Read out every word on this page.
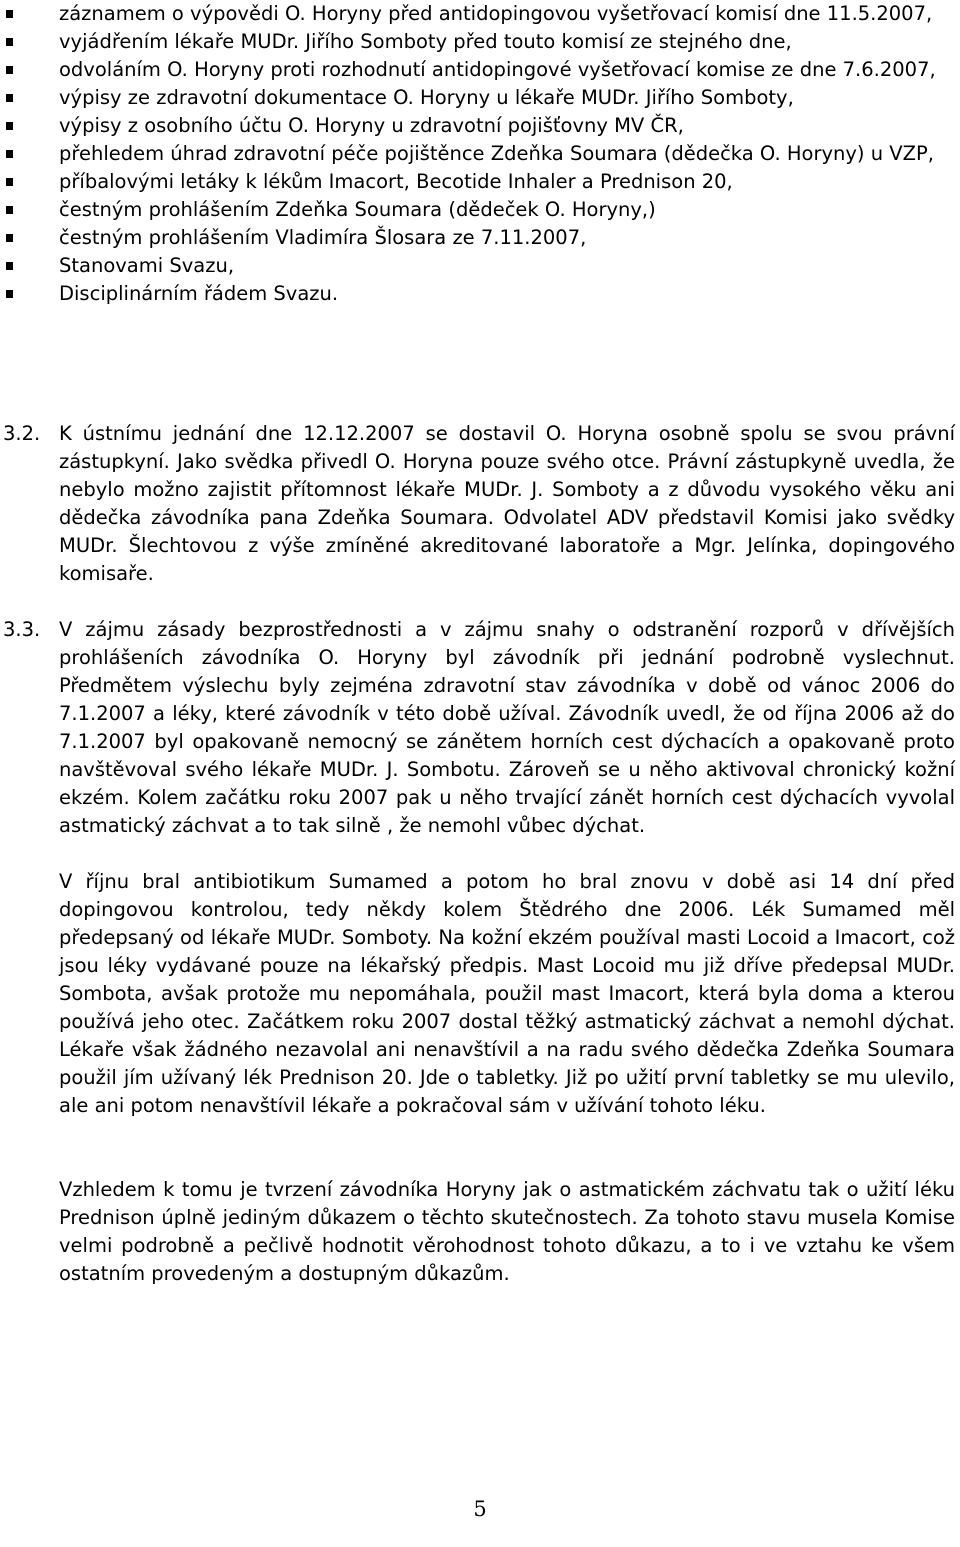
záznamem o výpovědi O. Horyny před antidopingovou vyšetřovací komisí dne 11.5.2007,
vyjádřením lékaře MUDr. Jiřího Somboty před touto komisí ze stejného dne,
odvoláním O. Horyny proti rozhodnutí antidopingové vyšetřovací komise ze dne 7.6.2007,
výpisy ze zdravotní dokumentace O. Horyny u lékaře MUDr. Jiřího Somboty,
výpisy z osobního účtu O. Horyny u zdravotní pojišťovny MV ČR,
přehledem úhrad zdravotní péče pojištěnce Zdeňka Soumara (dědečka O. Horyny) u VZP,
příbalovými letáky k lékům Imacort, Becotide Inhaler a Prednison 20,
čestným prohlášením Zdeňka Soumara (dědeček O. Horyny,)
čestným prohlášením Vladimíra Šlosara ze 7.11.2007,
Stanovami Svazu,
Disciplinárním řádem Svazu.
3.2. K ústnímu jednání dne 12.12.2007 se dostavil O. Horyna osobně spolu se svou právní zástupkyní. Jako svědka přivedl O. Horyna pouze svého otce. Právní zástupkyně uvedla, že nebylo možno zajistit přítomnost lékaře MUDr. J. Somboty a z důvodu vysokého věku ani dědečka závodníka pana Zdeňka Soumara. Odvolatel ADV představil Komisi jako svědky MUDr. Šlechtovou z výše zmíněné akreditované laboratoře a Mgr. Jelínka, dopingového komisaře.
3.3. V zájmu zásady bezprostřednosti a v zájmu snahy o odstranění rozporů v dřívějších prohlášeních závodníka O. Horyny byl závodník při jednání podrobně vyslechnut. Předmětem výslechu byly zejména zdravotní stav závodníka v době od vánoc 2006 do 7.1.2007 a léky, které závodník v této době užíval. Závodník uvedl, že od října 2006 až do 7.1.2007 byl opakovaně nemocný se zánětem horních cest dýchacích a opakovaně proto navštěvoval svého lékaře MUDr. J. Sombotu. Zároveň se u něho aktivoval chronický kožní ekzém. Kolem začátku roku 2007 pak u něho trvající zánět horních cest dýchacích vyvolal astmatický záchvat a to tak silně , že nemohl vůbec dýchat.

V říjnu bral antibiotikum Sumamed a potom ho bral znovu v době asi 14 dní před dopingovou kontrolou, tedy někdy kolem Štědrého dne 2006. Lék Sumamed měl předepsaný od lékaře MUDr. Somboty. Na kožní ekzém používal masti Locoid a Imacort, což jsou léky vydávané pouze na lékařský předpis. Mast Locoid mu již dříve předepsal MUDr. Sombota, avšak protože mu nepomáhala, použil mast Imacort, která byla doma a kterou používá jeho otec. Začátkem roku 2007 dostal těžký astmatický záchvat a nemohl dýchat. Lékaře však žádného nezavolal ani nenavštívil a na radu svého dědečka Zdeňka Soumara použil jím užívaný lék Prednison 20. Jde o tabletky. Již po užití první tabletky se mu ulevilo, ale ani potom nenavštívil lékaře a pokračoval sám v užívání tohoto léku.

Vzhledem k tomu je tvrzení závodníka Horyny jak o astmatickém záchvatu tak o užití léku Prednison úplně jediným důkazem o těchto skutečnostech. Za tohoto stavu musela Komise velmi podrobně a pečlivě hodnotit věrohodnost tohoto důkazu, a to i ve vztahu ke všem ostatním provedeným a dostupným důkazům.

5
